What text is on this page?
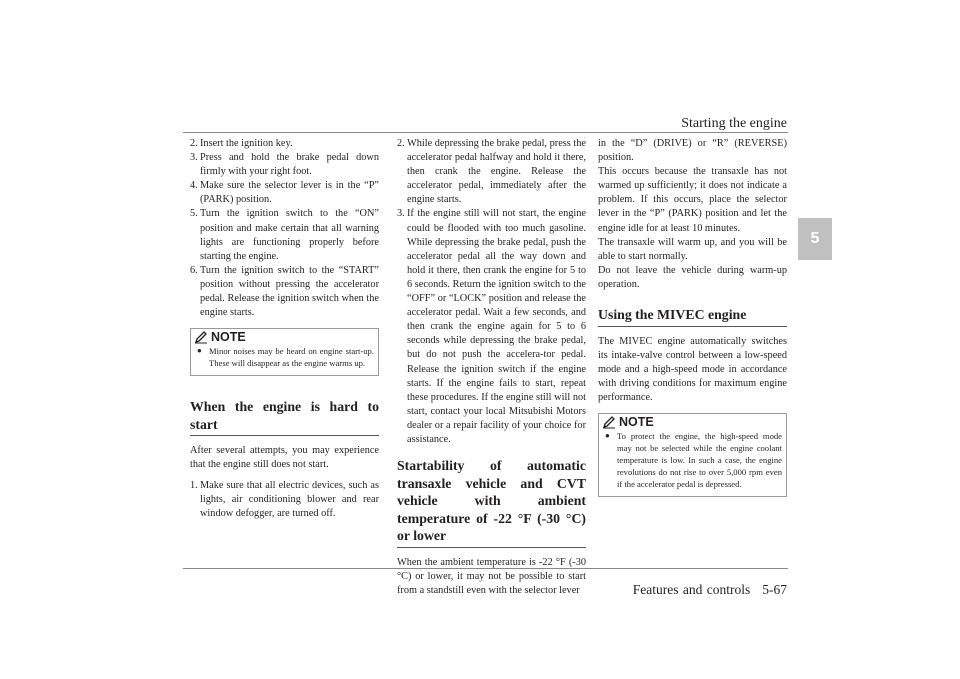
Starting the engine
5
2. Insert the ignition key.
3. Press and hold the brake pedal down firmly with your right foot.
4. Make sure the selector lever is in the “P” (PARK) position.
5. Turn the ignition switch to the “ON” position and make certain that all warning lights are functioning properly before starting the engine.
6. Turn the ignition switch to the “START” position without pressing the accelerator pedal. Release the ignition switch when the engine starts.
NOTE
● Minor noises may be heard on engine start-up. These will disappear as the engine warms up.
When the engine is hard to start

After several attempts, you may experience that the engine still does not start.

1. Make sure that all electric devices, such as lights, air conditioning blower and rear window defogger, are turned off.
2. While depressing the brake pedal, press the accelerator pedal halfway and hold it there, then crank the engine. Release the accelerator pedal, immediately after the engine starts.
3. If the engine still will not start, the engine could be flooded with too much gasoline. While depressing the brake pedal, push the accelerator pedal all the way down and hold it there, then crank the engine for 5 to 6 seconds. Return the ignition switch to the “OFF” or “LOCK” position and release the accelerator pedal. Wait a few seconds, and then crank the engine again for 5 to 6 seconds while depressing the brake pedal, but do not push the accelera-tor pedal. Release the ignition switch if the engine starts. If the engine fails to start, repeat these procedures. If the engine still will not start, contact your local Mitsubishi Motors dealer or a repair facility of your choice for assistance.
Startability of automatic transaxle vehicle and CVT vehicle with ambient temperature of -22 °F (-30 °C) or lower

When the ambient temperature is -22 °F (-30 °C) or lower, it may not be possible to start from a standstill even with the selector lever

in the “D” (DRIVE) or “R” (REVERSE) position.

This occurs because the transaxle has not warmed up sufficiently; it does not indicate a problem. If this occurs, place the selector lever in the “P” (PARK) position and let the engine idle for at least 10 minutes.

The transaxle will warm up, and you will be able to start normally.

Do not leave the vehicle during warm-up operation.

Using the MIVEC engine

The MIVEC engine automatically switches its intake-valve control between a low-speed mode and a high-speed mode in accordance with driving conditions for maximum engine performance.

NOTE
● To protect the engine, the high-speed mode may not be selected while the engine coolant temperature is low. In such a case, the engine revolutions do not rise to over 5,000 rpm even if the accelerator pedal is depressed.
Features and controls 5-67
